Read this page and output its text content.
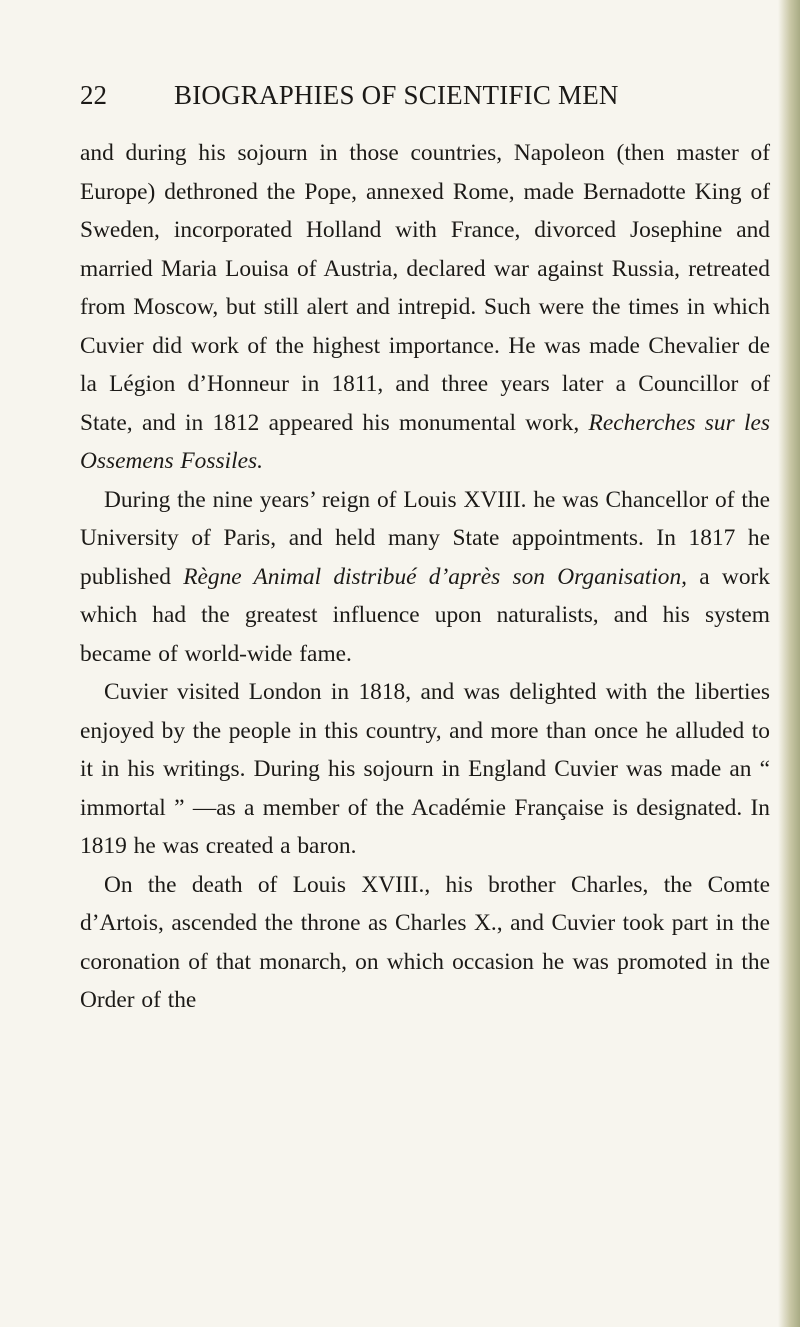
22 BIOGRAPHIES OF SCIENTIFIC MEN

and during his sojourn in those countries, Napoleon (then master of Europe) dethroned the Pope, annexed Rome, made Bernadotte King of Sweden, incorporated Holland with France, divorced Josephine and married Maria Louisa of Austria, declared war against Russia, retreated from Moscow, but still alert and intrepid. Such were the times in which Cuvier did work of the highest importance. He was made Chevalier de la Légion d’Honneur in 1811, and three years later a Councillor of State, and in 1812 appeared his monumental work, Recherches sur les Ossemens Fossiles.

During the nine years’ reign of Louis XVIII. he was Chancellor of the University of Paris, and held many State appointments. In 1817 he published Règne Animal distribué d’après son Organisation, a work which had the greatest influence upon naturalists, and his system became of world-wide fame.

Cuvier visited London in 1818, and was delighted with the liberties enjoyed by the people in this country, and more than once he alluded to it in his writings. During his sojourn in England Cuvier was made an “ immortal ” —as a member of the Académie Française is designated. In 1819 he was created a baron.

On the death of Louis XVIII., his brother Charles, the Comte d’Artois, ascended the throne as Charles X., and Cuvier took part in the coronation of that monarch, on which occasion he was promoted in the Order of the
